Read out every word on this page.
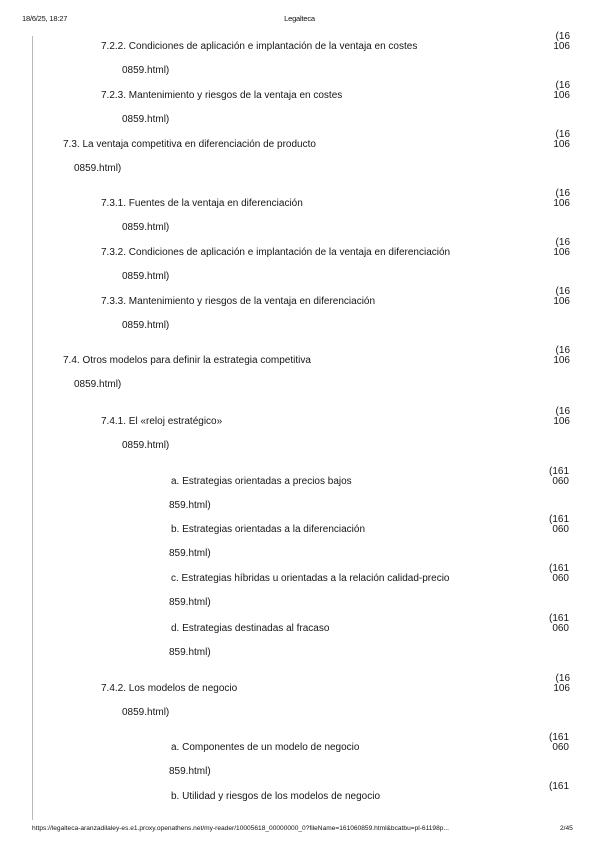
18/6/25, 18:27	Legalteca
7.2.2. Condiciones de aplicación e implantación de la ventaja en costes
(16
106
0859.html)
7.2.3. Mantenimiento y riesgos de la ventaja en costes
(16
106
0859.html)
7.3. La ventaja competitiva en diferenciación de producto
(16
106
0859.html)
7.3.1. Fuentes de la ventaja en diferenciación
(16
106
0859.html)
7.3.2. Condiciones de aplicación e implantación de la ventaja en diferenciación
(16
106
0859.html)
7.3.3. Mantenimiento y riesgos de la ventaja en diferenciación
(16
106
0859.html)
7.4. Otros modelos para definir la estrategia competitiva
(16
106
0859.html)
7.4.1. El «reloj estratégico»
(16
106
0859.html)
a. Estrategias orientadas a precios bajos
(161
060
859.html)
b. Estrategias orientadas a la diferenciación
(161
060
859.html)
c. Estrategias híbridas u orientadas a la relación calidad-precio
(161
060
859.html)
d. Estrategias destinadas al fracaso
(161
060
859.html)
7.4.2. Los modelos de negocio
(16
106
0859.html)
a. Componentes de un modelo de negocio
(161
060
859.html)
b. Utilidad y riesgos de los modelos de negocio
(161
https://legalteca-aranzadilaley-es.e1.proxy.openathens.net/my-reader/10005618_00000000_0?fileName=161060859.html&bcatbu=pl-61198p...	2/45
